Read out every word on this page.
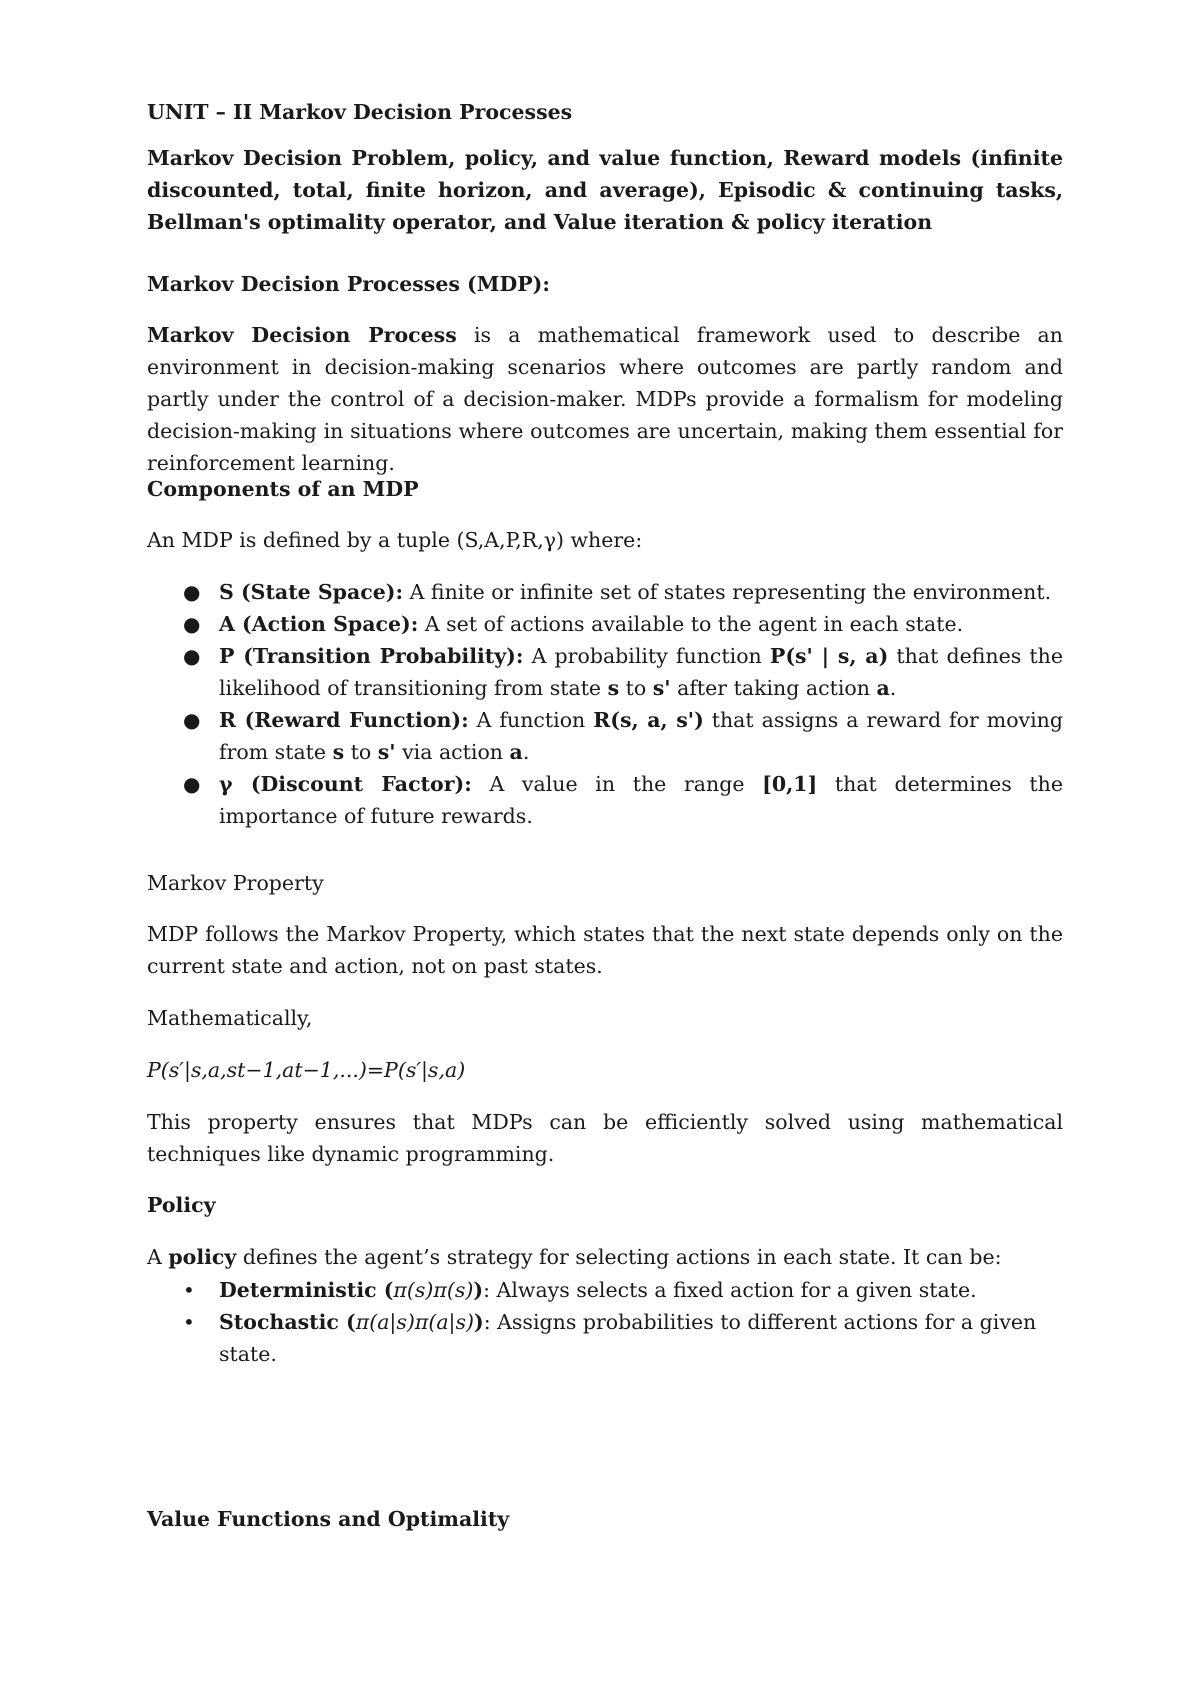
UNIT – II Markov Decision Processes

Markov Decision Problem, policy, and value function, Reward models (infinite discounted, total, finite horizon, and average), Episodic & continuing tasks, Bellman's optimality operator, and Value iteration & policy iteration

Markov Decision Processes (MDP):

Markov Decision Process is a mathematical framework used to describe an environment in decision-making scenarios where outcomes are partly random and partly under the control of a decision-maker. MDPs provide a formalism for modeling decision-making in situations where outcomes are uncertain, making them essential for reinforcement learning.

Components of an MDP

An MDP is defined by a tuple (S,A,P,R,γ) where:

● S (State Space): A finite or infinite set of states representing the environment.
● A (Action Space): A set of actions available to the agent in each state.
● P (Transition Probability): A probability function P(s' | s, a) that defines the likelihood of transitioning from state s to s' after taking action a.
● R (Reward Function): A function R(s, a, s') that assigns a reward for moving from state s to s' via action a.
● γ (Discount Factor): A value in the range [0,1] that determines the importance of future rewards.

Markov Property

MDP follows the Markov Property, which states that the next state depends only on the current state and action, not on past states.

Mathematically,

P(s′|s,a,st−1,at−1,...)=P(s′|s,a)

This property ensures that MDPs can be efficiently solved using mathematical techniques like dynamic programming.

Policy

A policy defines the agent’s strategy for selecting actions in each state. It can be:

• Deterministic (π(s)π(s)): Always selects a fixed action for a given state.
• Stochastic (π(a|s)π(a|s)): Assigns probabilities to different actions for a given state.

Value Functions and Optimality
